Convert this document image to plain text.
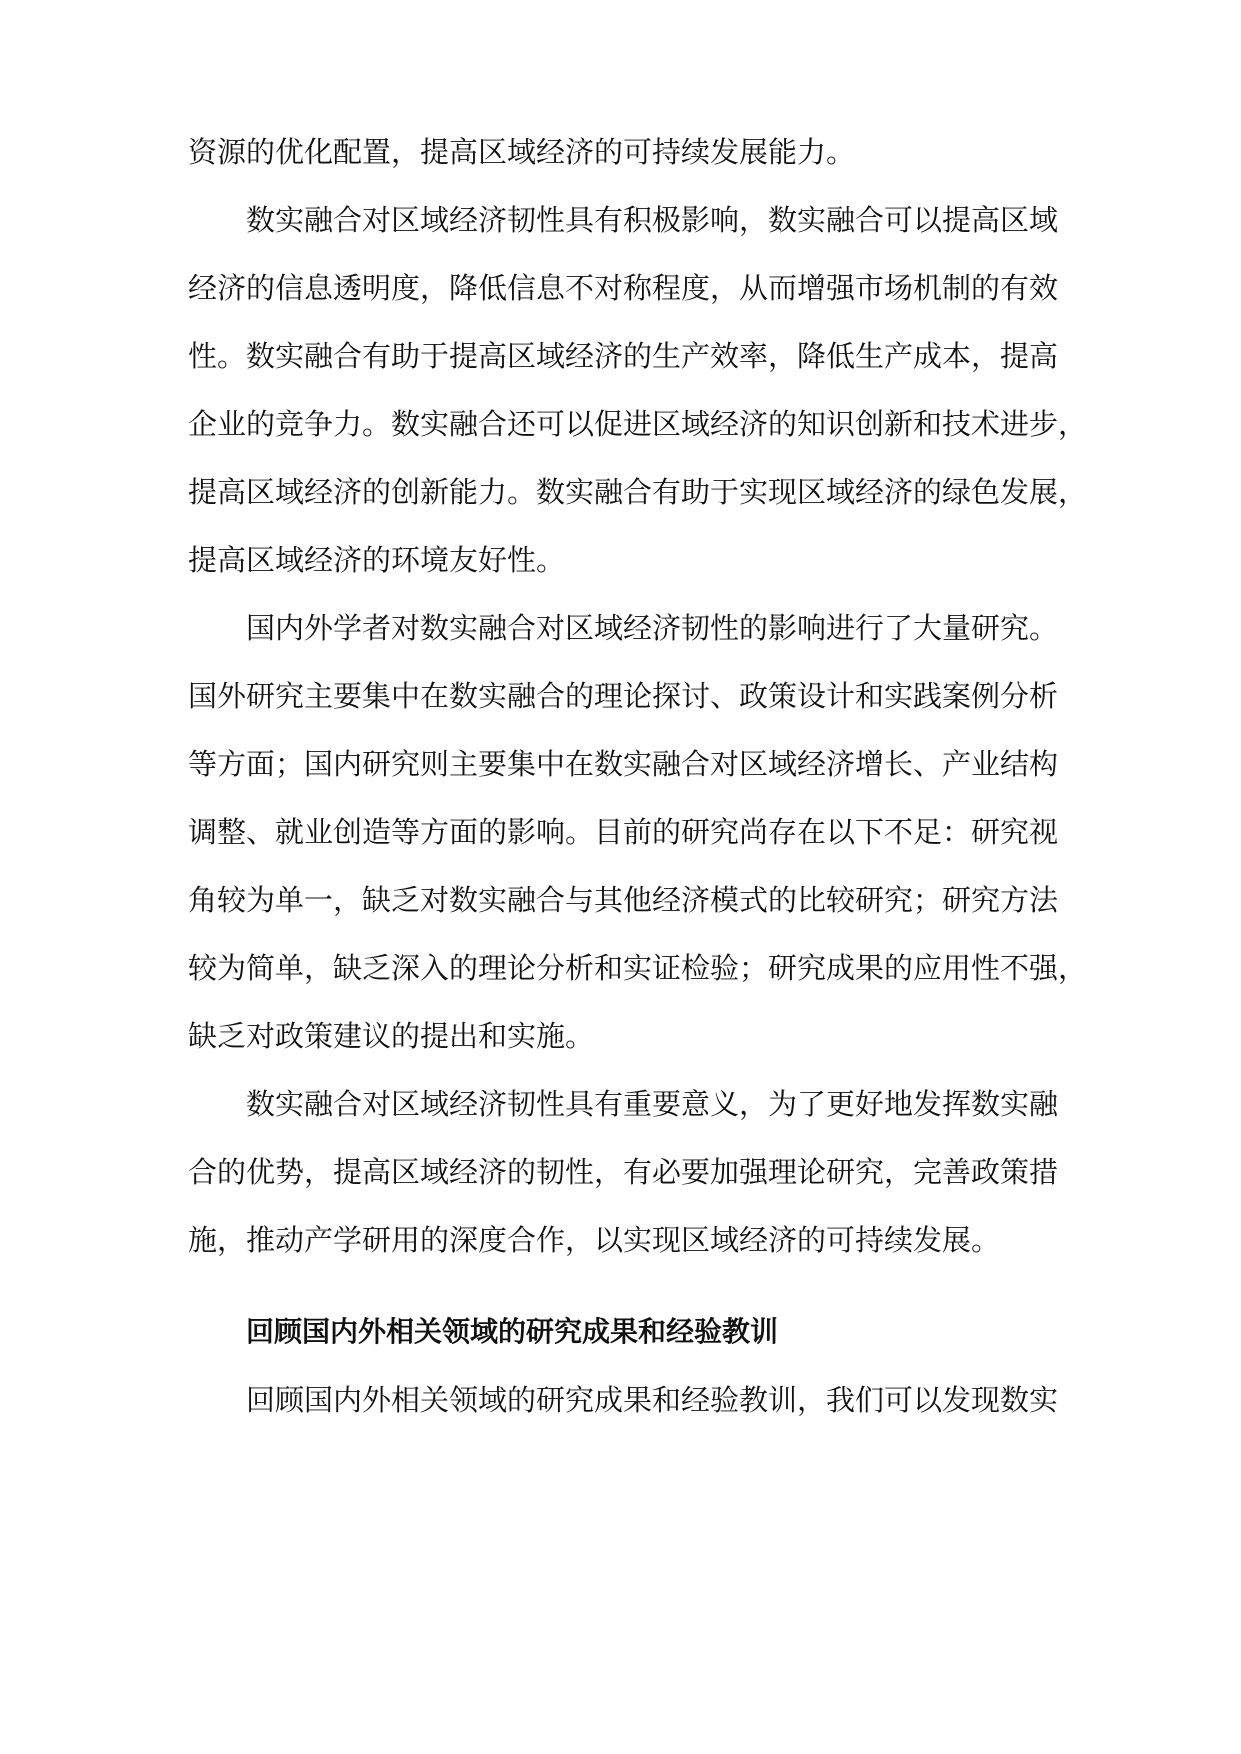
资源的优化配置，提高区域经济的可持续发展能力。
数实融合对区域经济韧性具有积极影响，数实融合可以提高区域
经济的信息透明度，降低信息不对称程度，从而增强市场机制的有效
性。数实融合有助于提高区域经济的生产效率，降低生产成本，提高
企业的竞争力。数实融合还可以促进区域经济的知识创新和技术进步，
提高区域经济的创新能力。数实融合有助于实现区域经济的绿色发展，
提高区域经济的环境友好性。
国内外学者对数实融合对区域经济韧性的影响进行了大量研究。
国外研究主要集中在数实融合的理论探讨、政策设计和实践案例分析
等方面；国内研究则主要集中在数实融合对区域经济增长、产业结构
调整、就业创造等方面的影响。目前的研究尚存在以下不足：研究视
角较为单一，缺乏对数实融合与其他经济模式的比较研究；研究方法
较为简单，缺乏深入的理论分析和实证检验；研究成果的应用性不强，
缺乏对政策建议的提出和实施。
数实融合对区域经济韧性具有重要意义，为了更好地发挥数实融
合的优势，提高区域经济的韧性，有必要加强理论研究，完善政策措
施，推动产学研用的深度合作，以实现区域经济的可持续发展。
回顾国内外相关领域的研究成果和经验教训
回顾国内外相关领域的研究成果和经验教训，我们可以发现数实
